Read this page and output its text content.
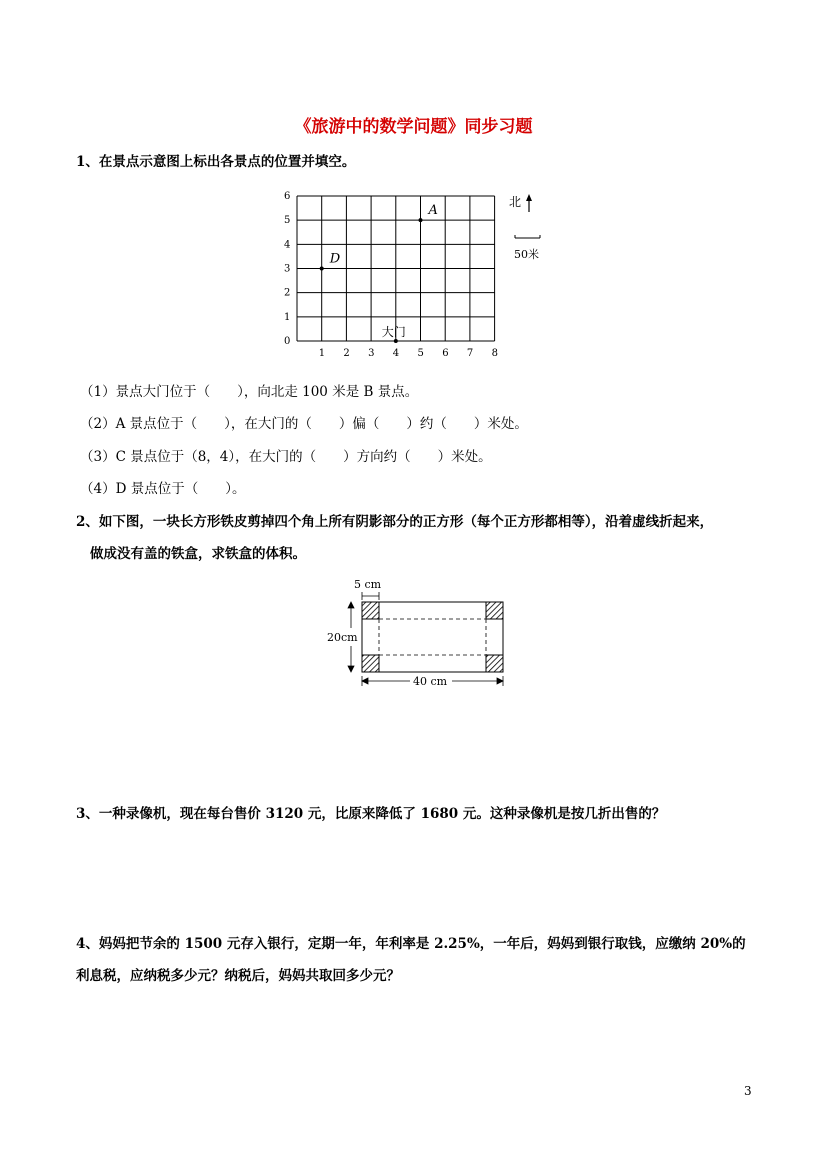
《旅游中的数学问题》同步习题
1、在景点示意图上标出各景点的位置并填空。
1 2 3 4 5 6 7 8
0
1
2
3
4
5
6
A
D
大门
北
50米
（1）景点大门位于（　　），向北走 100 米是 B 景点。
（2）A 景点位于（　　），在大门的（　　）偏（　　）约（　　）米处。
（3）C 景点位于（8，4），在大门的（　　）方向约（　　）米处。
（4）D 景点位于（　　）。
2、如下图，一块长方形铁皮剪掉四个角上所有阴影部分的正方形（每个正方形都相等），沿着虚线折起来，
做成没有盖的铁盒，求铁盒的体积。
5 cm
20cm
40 cm
3、一种录像机，现在每台售价 3120 元，比原来降低了 1680 元。这种录像机是按几折出售的？
4、妈妈把节余的 1500 元存入银行，定期一年，年利率是 2.25%，一年后，妈妈到银行取钱，应缴纳 20%的
利息税，应纳税多少元？纳税后，妈妈共取回多少元？
3
